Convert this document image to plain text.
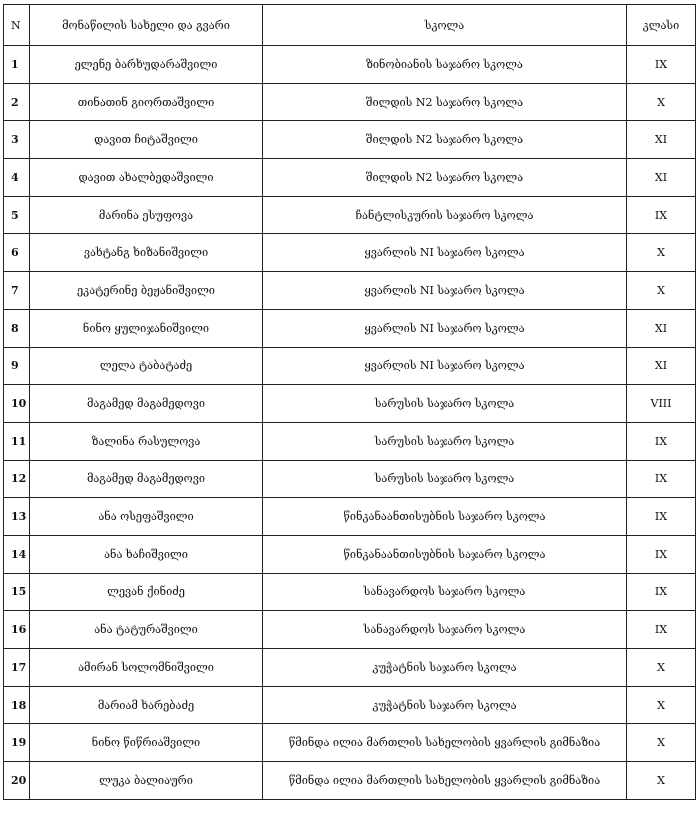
N	მონაწილის სახელი და გვარი	სკოლა	კლასი
1	ელენე ბარხუდარაშვილი	ზინობიანის საჯარო სკოლა	IX
2	თინათინ გიორთაშვილი	შილდის N2 საჯარო სკოლა	X
3	დავით ჩიტაშვილი	შილდის N2 საჯარო სკოლა	XI
4	დავით ახალბედაშვილი	შილდის N2 საჯარო სკოლა	XI
5	მარინა ესუფოვა	ჩანტლისკურის საჯარო სკოლა	IX
6	ვახტანგ ხიზანიშვილი	ყვარლის NI საჯარო სკოლა	X
7	ეკატერინე ბეჟანიშვილი	ყვარლის NI საჯარო სკოლა	X
8	ნინო ყულიჯანიშვილი	ყვარლის NI საჯარო სკოლა	XI
9	ლელა ტაბატაძე	ყვარლის NI საჯარო სკოლა	XI
10	მაგამედ მაგამედოვი	სარუსის საჯარო სკოლა	VIII
11	ზალინა რასულოვა	სარუსის საჯარო სკოლა	IX
12	მაგამედ მაგამედოვი	სარუსის საჯარო სკოლა	IX
13	ანა ოსეფაშვილი	წინკანაანთისუბნის საჯარო სკოლა	IX
14	ანა ხაჩიშვილი	წინკანაანთისუბნის საჯარო სკოლა	IX
15	ლევან ქინიძე	სანავარდოს საჯარო სკოლა	IX
16	ანა ტატურაშვილი	სანავარდოს საჯარო სკოლა	IX
17	ამირან სოლომნიშვილი	კუჭატნის საჯარო სკოლა	X
18	მარიამ ხარებაძე	კუჭატნის საჯარო სკოლა	X
19	ნინო წიწრიაშვილი	წმინდა ილია მართლის სახელობის ყვარლის გიმნაზია	X
20	ლუკა ბალიაური	წმინდა ილია მართლის სახელობის ყვარლის გიმნაზია	X
